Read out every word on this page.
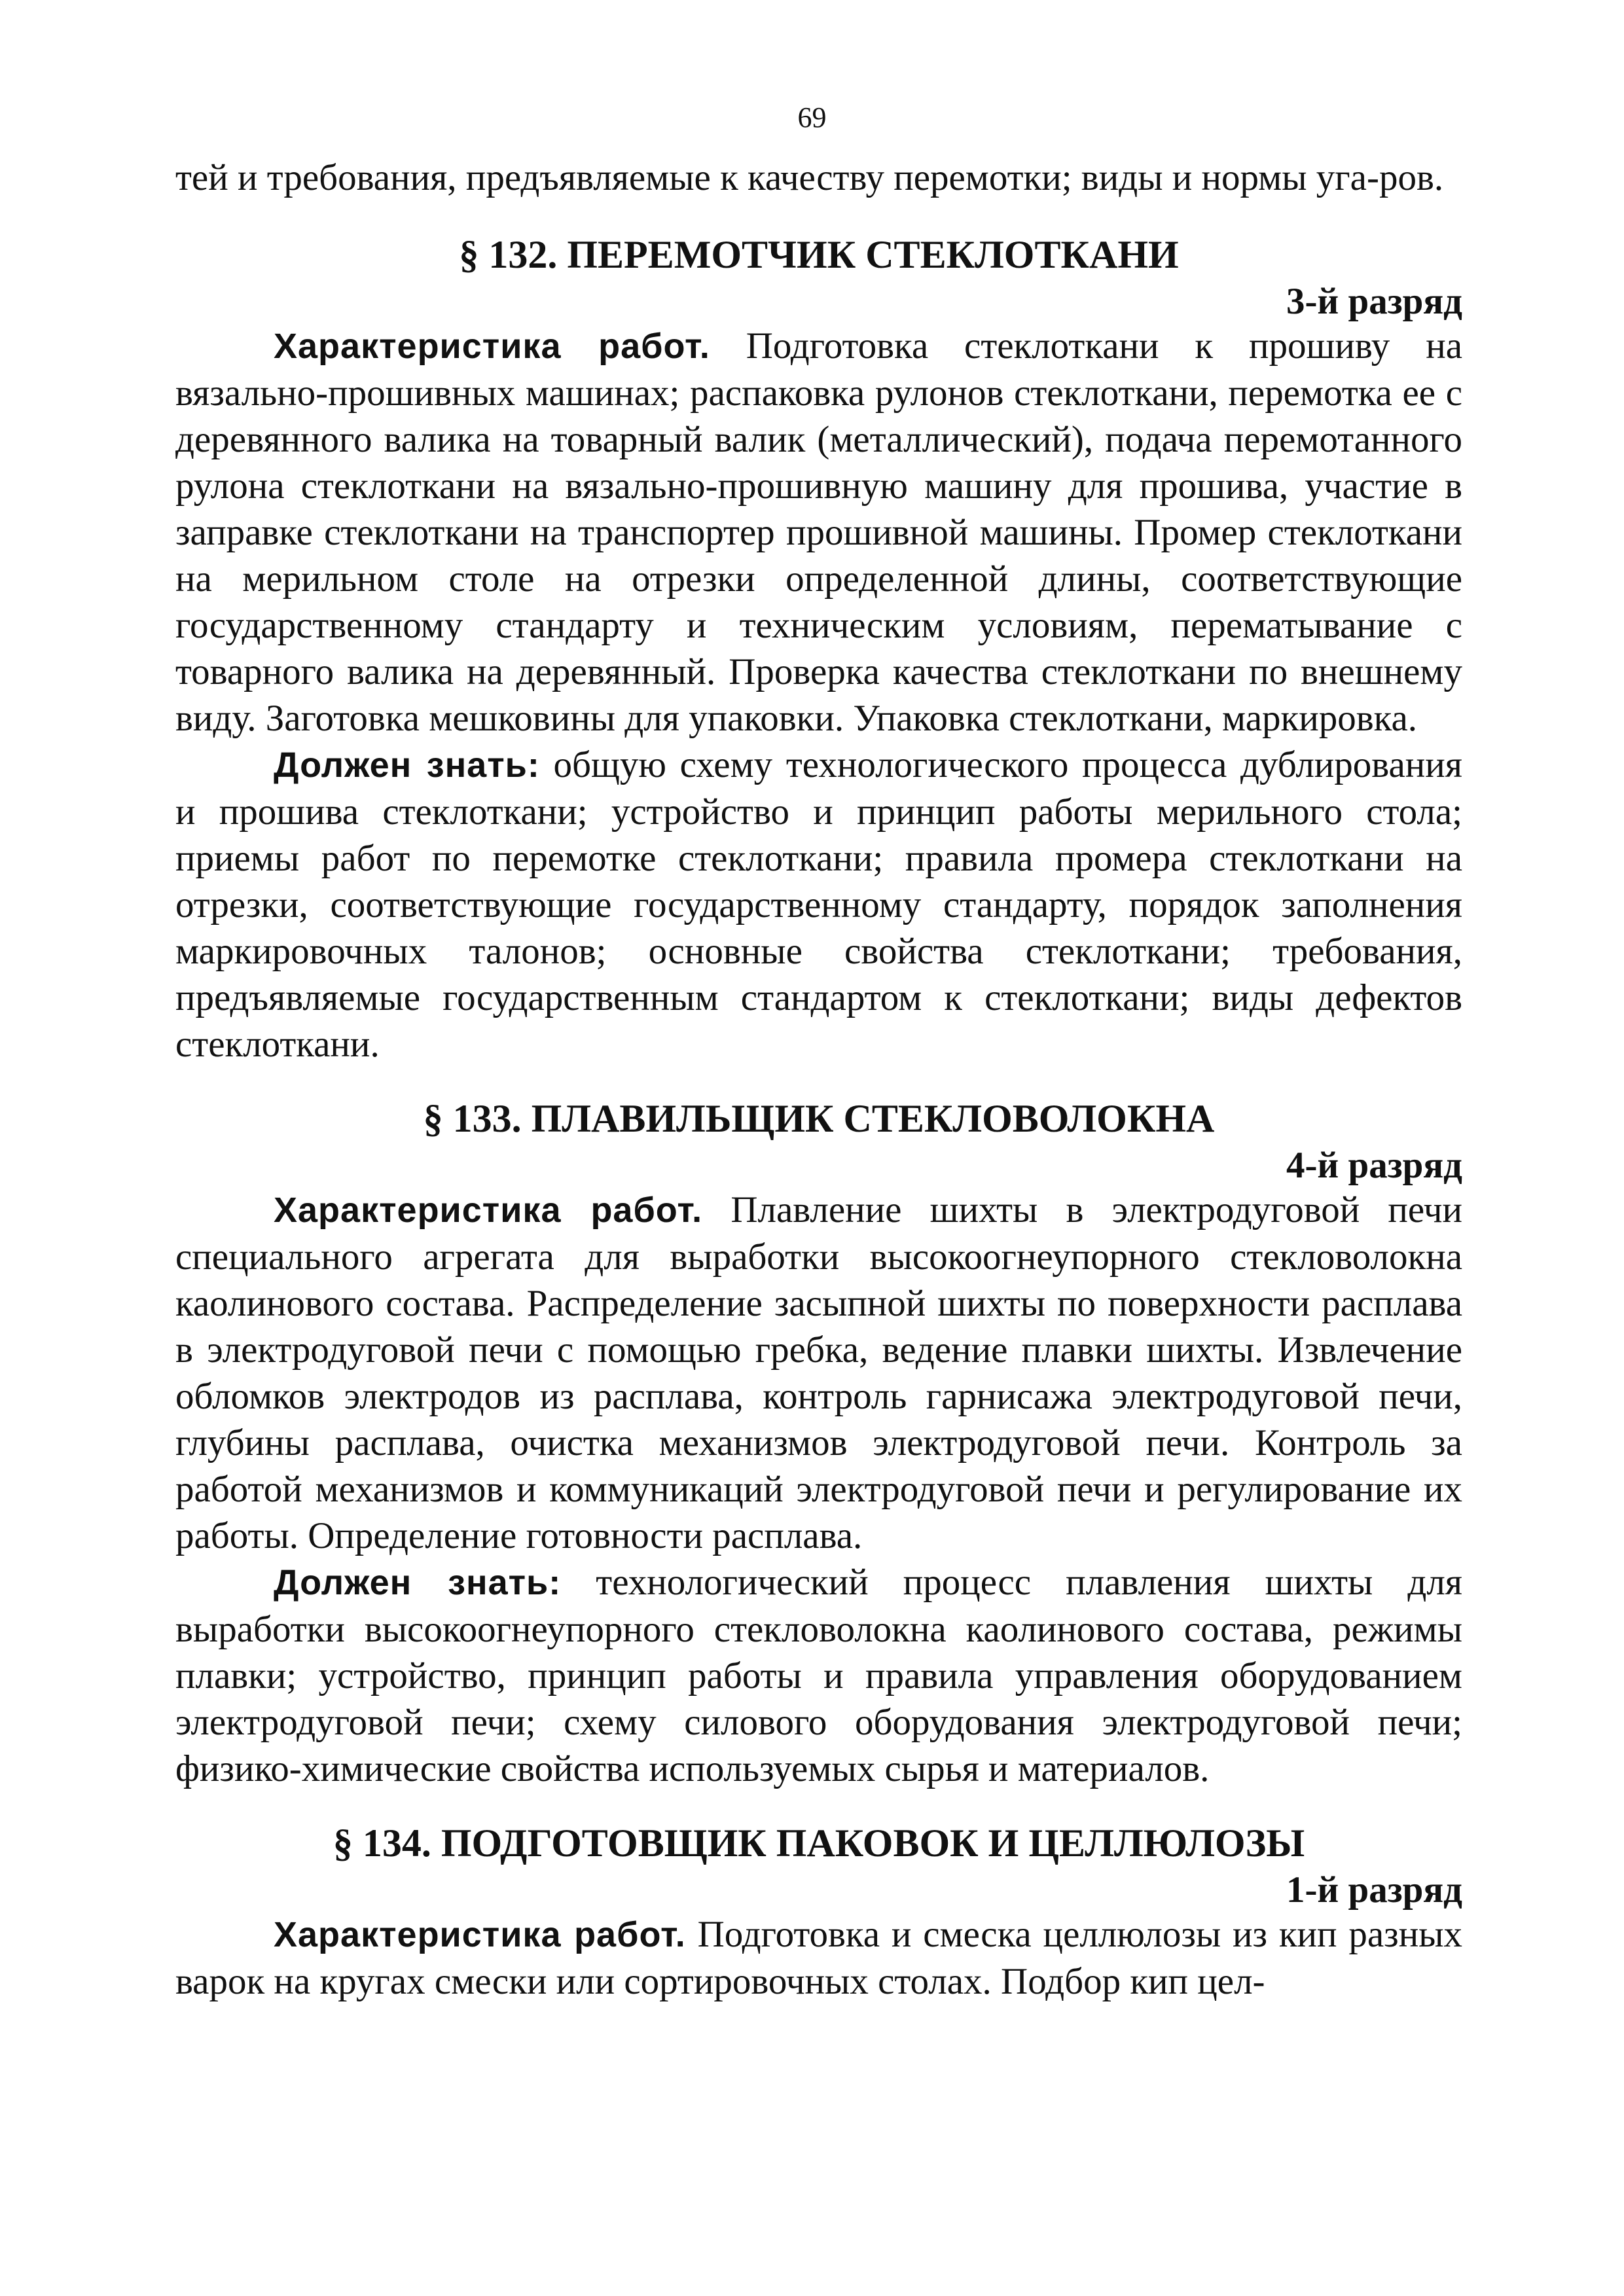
69

тей и требования, предъявляемые к качеству перемотки; виды и нормы уга-ров.

§ 132. ПЕРЕМОТЧИК СТЕКЛОТКАНИ

3-й разряд

Характеристика работ. Подготовка стеклоткани к прошиву на вязально-прошивных машинах; распаковка рулонов стеклоткани, перемотка ее с деревянного валика на товарный валик (металлический), подача перемотанного рулона стеклоткани на вязально-прошивную машину для прошива, участие в заправке стеклоткани на транспортер прошивной машины. Промер стеклоткани на мерильном столе на отрезки определенной длины, соответствующие государственному стандарту и техническим условиям, перематывание с товарного валика на деревянный. Проверка качества стеклоткани по внешнему виду. Заготовка мешковины для упаковки. Упаковка стеклоткани, маркировка.

Должен знать: общую схему технологического процесса дублирования и прошива стеклоткани; устройство и принцип работы мерильного стола; приемы работ по перемотке стеклоткани; правила промера стеклоткани на отрезки, соответствующие государственному стандарту, порядок заполнения маркировочных талонов; основные свойства стеклоткани; требования, предъявляемые государственным стандартом к стеклоткани; виды дефектов стеклоткани.

§ 133. ПЛАВИЛЬЩИК СТЕКЛОВОЛОКНА

4-й разряд

Характеристика работ. Плавление шихты в электродуговой печи специального агрегата для выработки высокоогнеупорного стекловолокна каолинового состава. Распределение засыпной шихты по поверхности расплава в электродуговой печи с помощью гребка, ведение плавки шихты. Извлечение обломков электродов из расплава, контроль гарнисажа электродуговой печи, глубины расплава, очистка механизмов электродуговой печи. Контроль за работой механизмов и коммуникаций электродуговой печи и регулирование их работы. Определение готовности расплава.

Должен знать: технологический процесс плавления шихты для выработки высокоогнеупорного стекловолокна каолинового состава, режимы плавки; устройство, принцип работы и правила управления оборудованием электродуговой печи; схему силового оборудования электродуговой печи; физико-химические свойства используемых сырья и материалов.

§ 134. ПОДГОТОВЩИК ПАКОВОК И ЦЕЛЛЮЛОЗЫ

1-й разряд

Характеристика работ. Подготовка и смеска целлюлозы из кип разных варок на кругах смески или сортировочных столах. Подбор кип цел-
